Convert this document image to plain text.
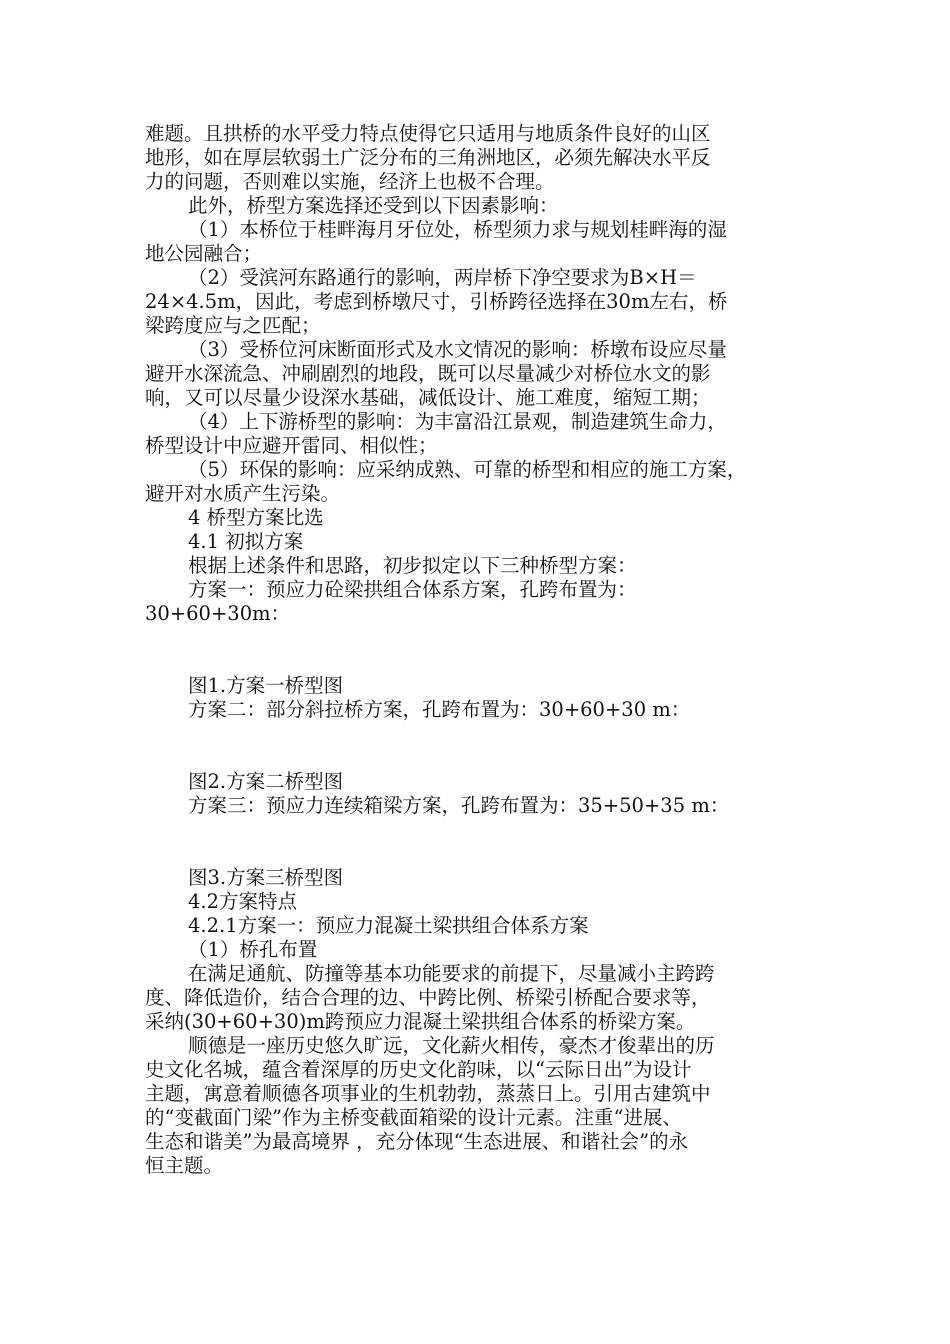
难题。且拱桥的水平受力特点使得它只适用与地质条件良好的山区
地形，如在厚层软弱土广泛分布的三角洲地区，必须先解决水平反
力的问题，否则难以实施，经济上也极不合理。
此外，桥型方案选择还受到以下因素影响：
（1）本桥位于桂畔海月牙位处，桥型须力求与规划桂畔海的湿
地公园融合；
（2）受滨河东路通行的影响，两岸桥下净空要求为B×H＝
24×4.5m，因此，考虑到桥墩尺寸，引桥跨径选择在30m左右，桥
梁跨度应与之匹配；
（3）受桥位河床断面形式及水文情况的影响：桥墩布设应尽量
避开水深流急、冲刷剧烈的地段，既可以尽量减少对桥位水文的影
响，又可以尽量少设深水基础，减低设计、施工难度，缩短工期；
（4）上下游桥型的影响：为丰富沿江景观，制造建筑生命力，
桥型设计中应避开雷同、相似性；
（5）环保的影响：应采纳成熟、可靠的桥型和相应的施工方案，
避开对水质产生污染。
4 桥型方案比选
4.1 初拟方案
根据上述条件和思路，初步拟定以下三种桥型方案：
方案一：预应力砼梁拱组合体系方案，孔跨布置为：
30+60+30m：
图1.方案一桥型图
方案二：部分斜拉桥方案，孔跨布置为：30+60+30 m：
图2.方案二桥型图
方案三：预应力连续箱梁方案，孔跨布置为：35+50+35 m：
图3.方案三桥型图
4.2方案特点
4.2.1方案一：预应力混凝土梁拱组合体系方案
（1）桥孔布置
在满足通航、防撞等基本功能要求的前提下，尽量减小主跨跨
度、降低造价，结合合理的边、中跨比例、桥梁引桥配合要求等，
采纳(30+60+30)m跨预应力混凝土梁拱组合体系的桥梁方案。
顺德是一座历史悠久旷远，文化薪火相传，豪杰才俊辈出的历
史文化名城，蕴含着深厚的历史文化韵味，以“云际日出”为设计
主题，寓意着顺德各项事业的生机勃勃，蒸蒸日上。引用古建筑中
的“变截面门梁”作为主桥变截面箱梁的设计元素。注重“进展、
生态和谐美”为最高境界 ，充分体现“生态进展、和谐社会”的永
恒主题。
